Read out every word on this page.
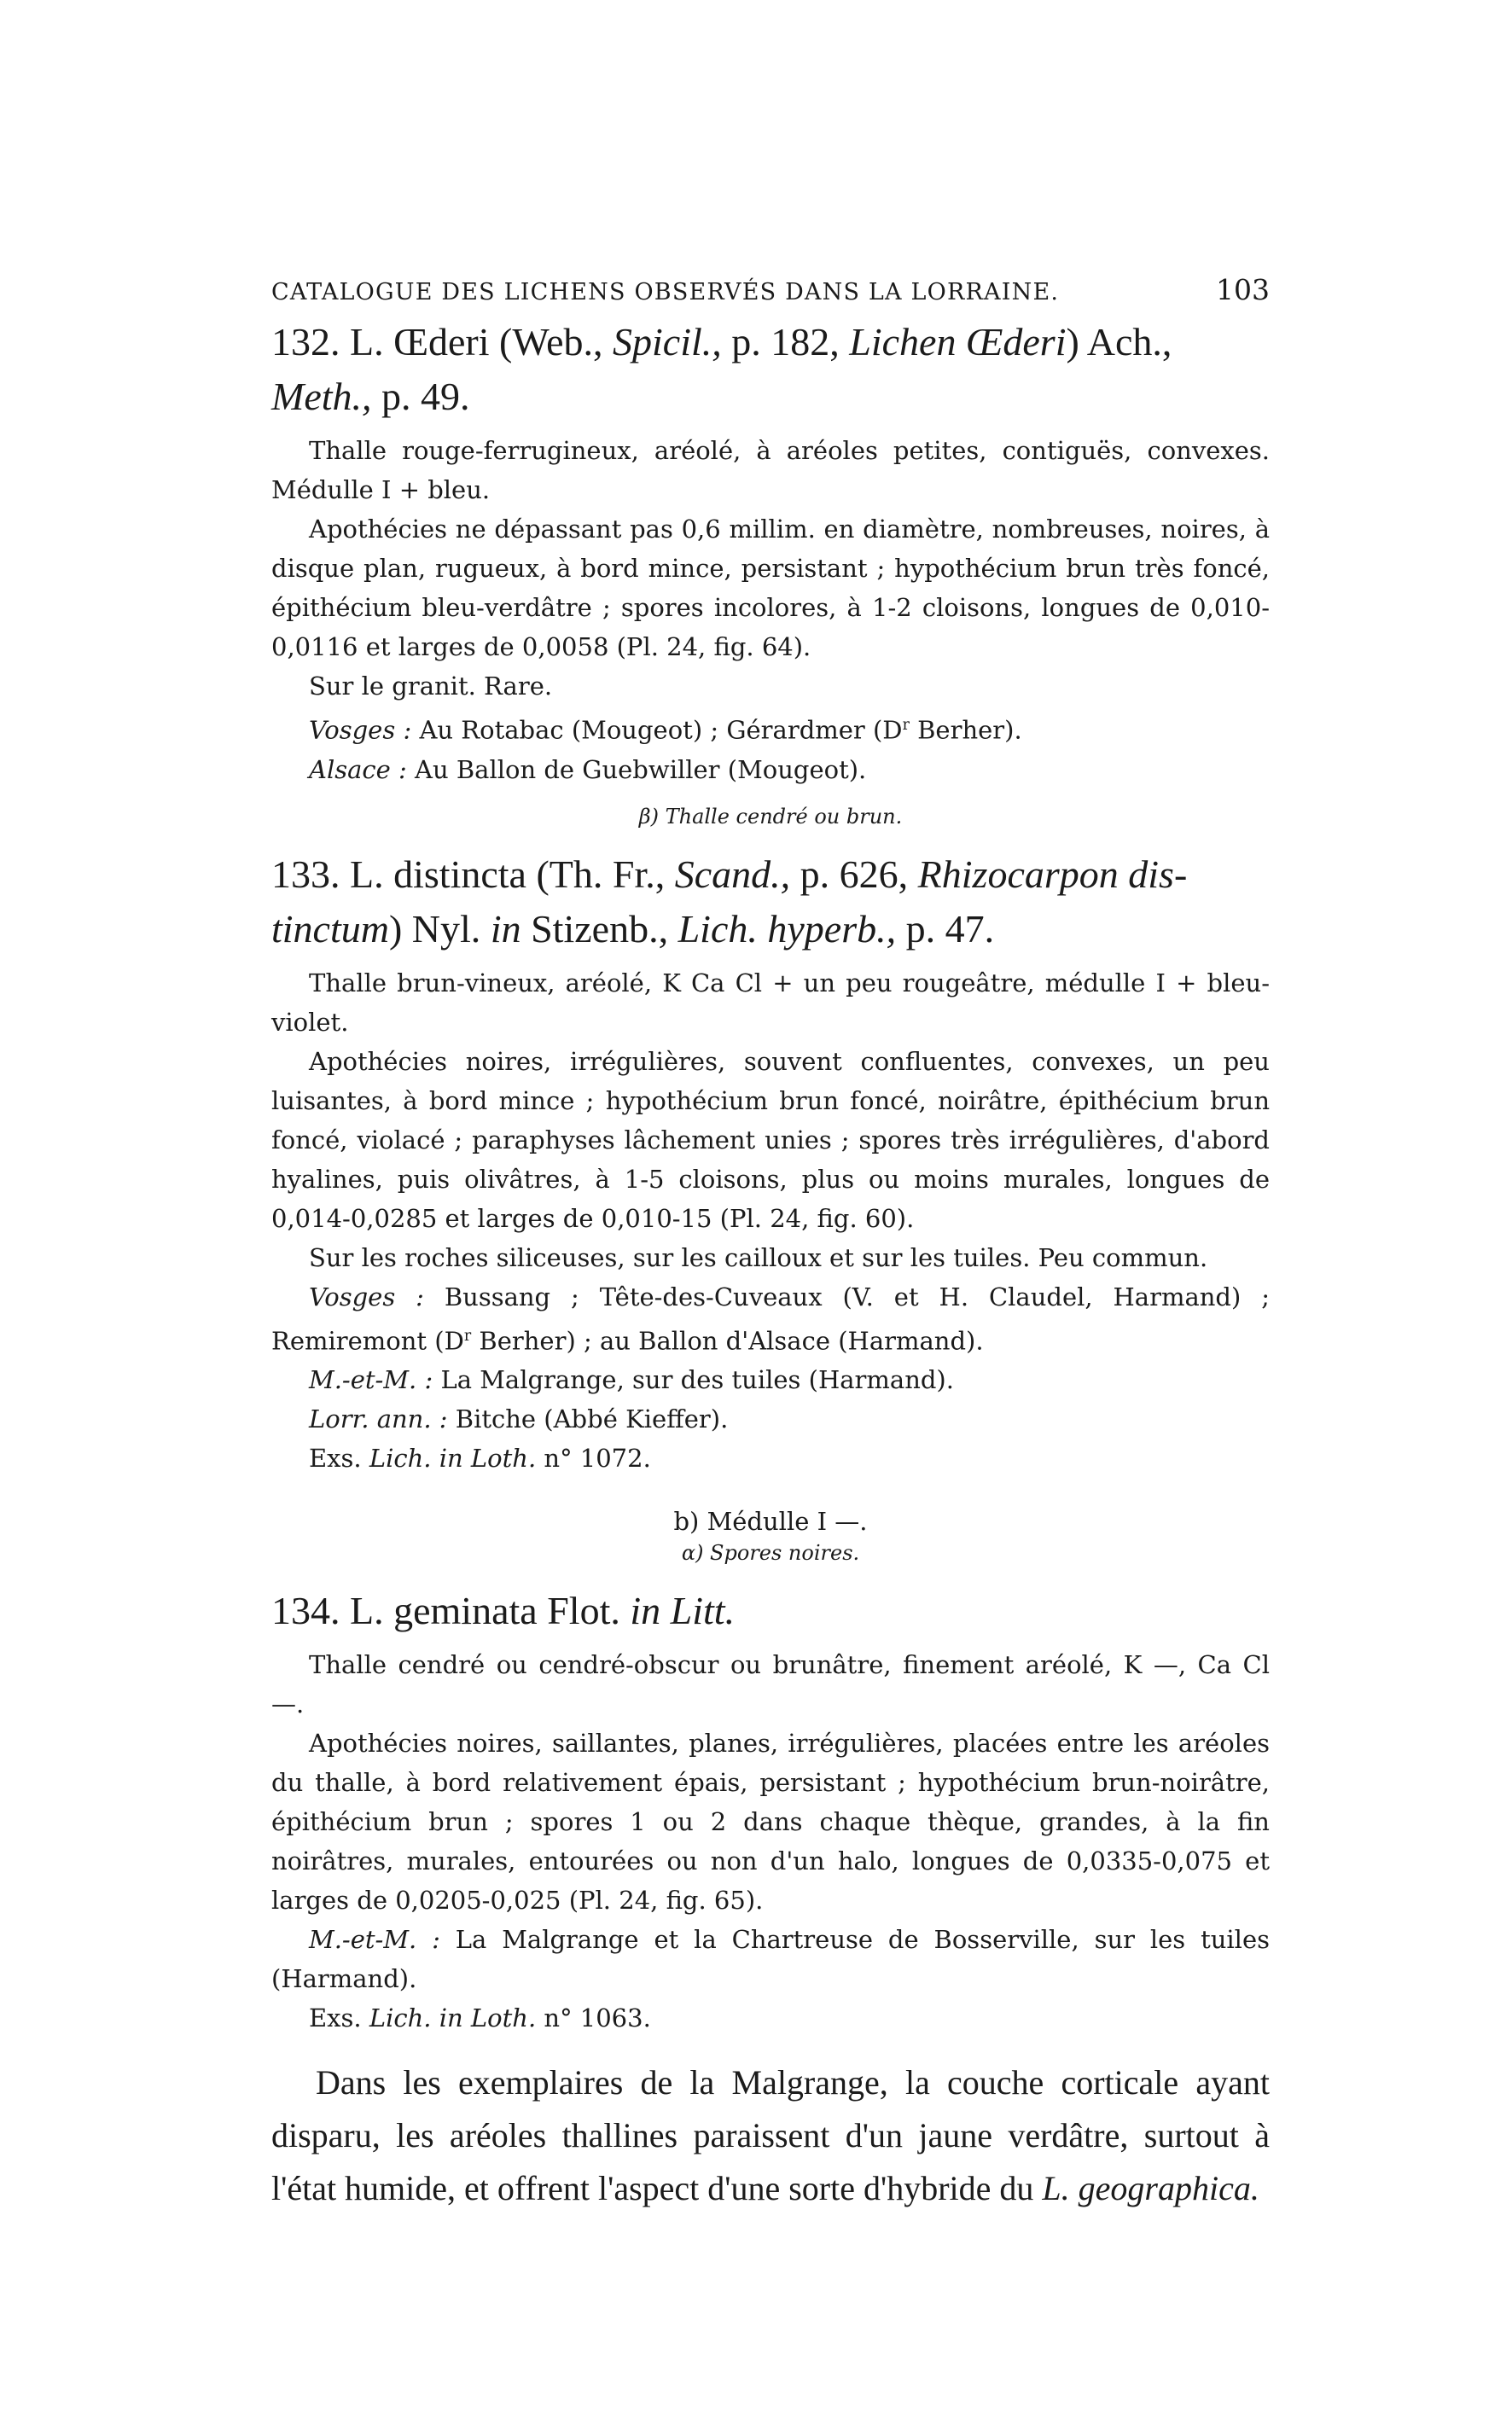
CATALOGUE DES LICHENS OBSERVÉS DANS LA LORRAINE.	103
132. L. Œderi (Web., Spicil., p. 182, Lichen Œderi) Ach.,
Meth., p. 49.

Thalle rouge-ferrugineux, aréolé, à aréoles petites, contiguës, convexes. Médulle I + bleu.

Apothécies ne dépassant pas 0,6 millim. en diamètre, nombreuses, noires, à disque plan, rugueux, à bord mince, persistant ; hypothécium brun très foncé, épithécium bleu-verdâtre ; spores incolores, à 1-2 cloisons, longues de 0,010-0,0116 et larges de 0,0058 (Pl. 24, fig. 64).

Sur le granit. Rare.

Vosges : Au Rotabac (Mougeot) ; Gérardmer ($D^r$ Berher).

Alsace : Au Ballon de Guebwiller (Mougeot).

β) Thalle cendré ou brun.
133. L. distincta (Th. Fr., Scand., p. 626, Rhizocarpon dis-
tinctum) Nyl. in Stizenb., Lich. hyperb., p. 47.

Thalle brun-vineux, aréolé, K Ca Cl + un peu rougeâtre, médulle I + bleu-violet.

Apothécies noires, irrégulières, souvent confluentes, convexes, un peu luisantes, à bord mince ; hypothécium brun foncé, noirâtre, épithécium brun foncé, violacé ; paraphyses lâchement unies ; spores très irrégulières, d'abord hyalines, puis olivâtres, à 1-5 cloisons, plus ou moins murales, longues de 0,014-0,0285 et larges de 0,010-15 (Pl. 24, fig. 60).

Sur les roches siliceuses, sur les cailloux et sur les tuiles. Peu commun.

Vosges : Bussang ; Tête-des-Cuveaux (V. et H. Claudel, Harmand) ; Remiremont ($D^r$ Berher) ; au Ballon d'Alsace (Harmand).

M.-et-M. : La Malgrange, sur des tuiles (Harmand).

Lorr. ann. : Bitche (Abbé Kieffer).

Exs. Lich. in Loth. n° 1072.

b) Médulle I —.
α) Spores noires.
134. L. geminata Flot. in Litt.

Thalle cendré ou cendré-obscur ou brunâtre, finement aréolé, K —, Ca Cl —.

Apothécies noires, saillantes, planes, irrégulières, placées entre les aréoles du thalle, à bord relativement épais, persistant ; hypothécium brun-noirâtre, épithécium brun ; spores 1 ou 2 dans chaque thèque, grandes, à la fin noirâtres, murales, entourées ou non d'un halo, longues de 0,0335-0,075 et larges de 0,0205-0,025 (Pl. 24, fig. 65).

M.-et-M. : La Malgrange et la Chartreuse de Bosserville, sur les tuiles (Harmand).

Exs. Lich. in Loth. n° 1063.

Dans les exemplaires de la Malgrange, la couche corticale ayant disparu, les aréoles thallines paraissent d'un jaune verdâtre, surtout à l'état humide, et offrent l'aspect d'une sorte d'hybride du L. geographica.
